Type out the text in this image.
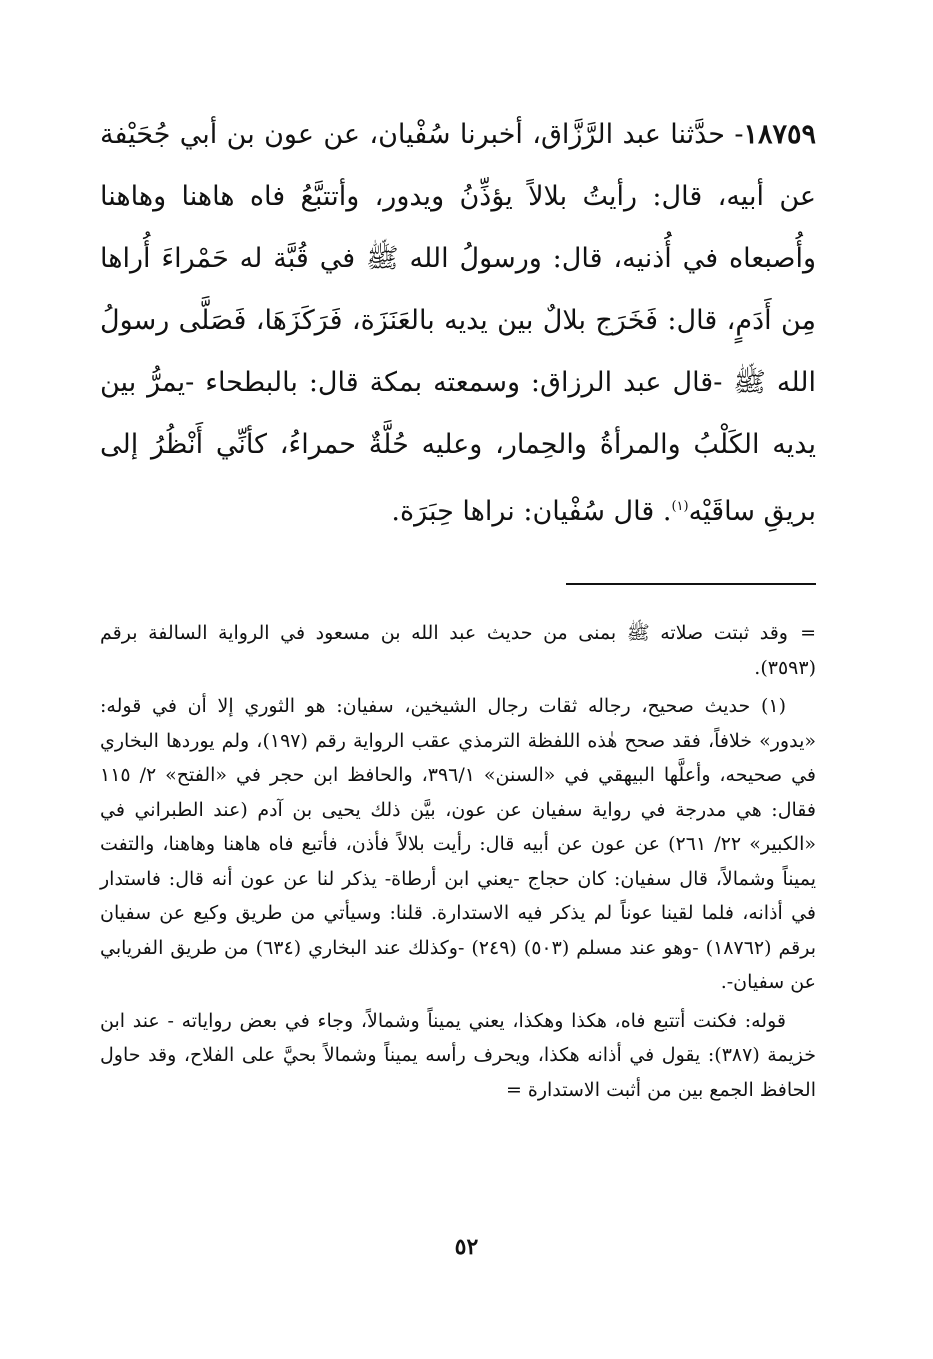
١٨٧٥٩- حدَّثنا عبد الرَّزَّاق، أخبرنا سُفْيان، عن عون بن أبي جُحَيْفة عن أبيه، قال: رأيتُ بلالاً يؤذِّنُ ويدور، وأتتبَّعُ فاه هاهنا وهاهنا وأُصبعاه في أُذنيه، قال: ورسولُ الله ﷺ في قُبَّة له حَمْراءَ أُراها مِن أَدَمٍ، قال: فَخَرَج بلالٌ بين يديه بالعَنَزَة، فَرَكَزَهَا، فَصَلَّى رسولُ الله ﷺ -قال عبد الرزاق: وسمعته بمكة قال: بالبطحاء -يمرُّ بين يديه الكَلْبُ والمرأةُ والحِمار، وعليه حُلَّةٌ حمراءُ، كأنِّي أَنْظُرُ إلى بريقِ ساقَيْه$^{(١)}$. قال سُفْيان: نراها حِبَرَة.

=وقد ثبتت صلاته ﷺ بمنى من حديث عبد الله بن مسعود في الرواية السالفة برقم (٣٥٩٣).

(١) حديث صحيح، رجاله ثقات رجال الشيخين، سفيان: هو الثوري إلا أن في قوله: «يدور» خلافاً، فقد صحح هٰذه اللفظة الترمذي عقب الرواية رقم (١٩٧)، ولم يوردها البخاري في صحيحه، وأعلَّها البيهقي في «السنن» ٣٩٦/١، والحافظ ابن حجر في «الفتح» ٢/ ١١٥ فقال: هي مدرجة في رواية سفيان عن عون، بيَّن ذلك يحيى بن آدم (عند الطبراني في «الكبير» ٢٢/ ٢٦١) عن عون عن أبيه قال: رأيت بلالاً فأذن، فأتبع فاه هاهنا وهاهنا، والتفت يميناً وشمالاً، قال سفيان: كان حجاج -يعني ابن أرطاة- يذكر لنا عن عون أنه قال: فاستدار في أذانه، فلما لقينا عوناً لم يذكر فيه الاستدارة. قلنا: وسيأتي من طريق وكيع عن سفيان برقم (١٨٧٦٢) -وهو عند مسلم (٥٠٣) (٢٤٩) -وكذلك عند البخاري (٦٣٤) من طريق الفريابي عن سفيان-.

قوله: فكنت أتتبع فاه، هكذا وهكذا، يعني يميناً وشمالاً، وجاء في بعض رواياته - عند ابن خزيمة (٣٨٧): يقول في أذانه هكذا، ويحرف رأسه يميناً وشمالاً بحيَّ على الفلاح، وقد حاول الحافظ الجمع بين من أثبت الاستدارة =

٥٢
